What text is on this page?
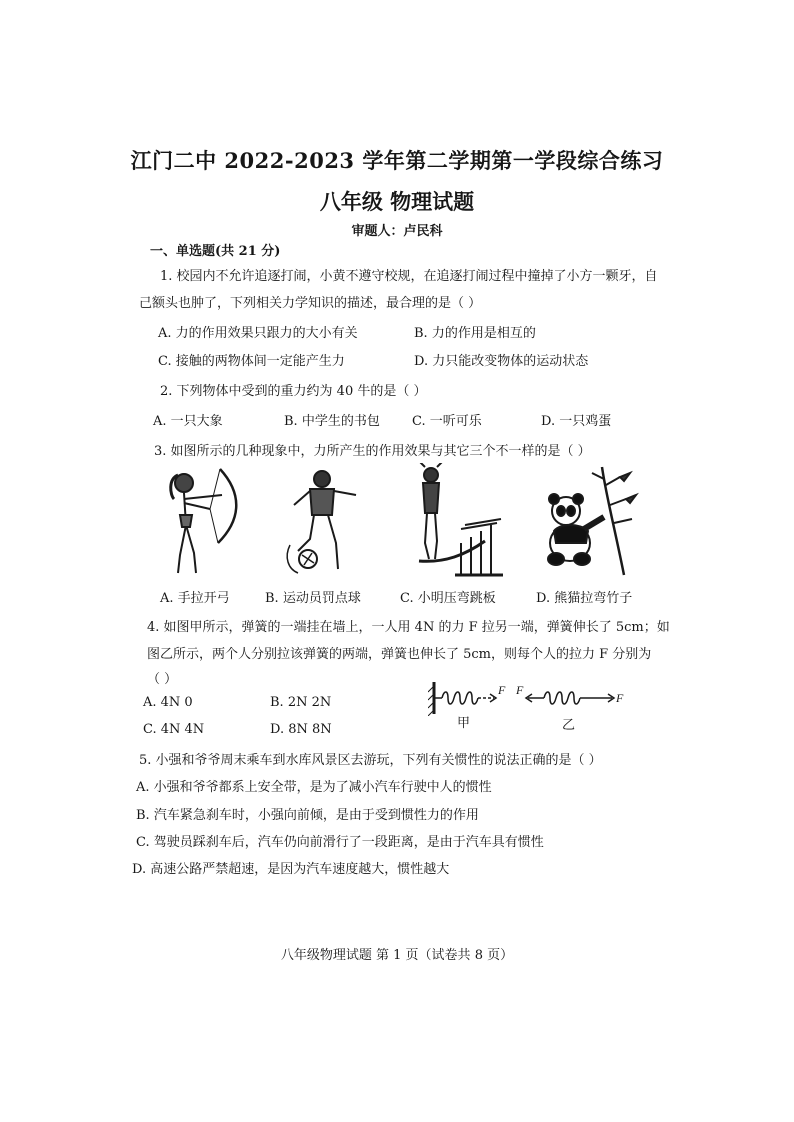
江门二中 2022-2023 学年第二学期第一学段综合练习
八年级 物理试题
审题人：卢民科
一、单选题(共 21 分)
1. 校园内不允许追逐打闹，小黄不遵守校规，在追逐打闹过程中撞掉了小方一颗牙，自
己额头也肿了，下列相关力学知识的描述，最合理的是（ ）
A. 力的作用效果只跟力的大小有关	B. 力的作用是相互的
C. 接触的两物体间一定能产生力	D. 力只能改变物体的运动状态
2. 下列物体中受到的重力约为 40 牛的是（ ）
A. 一只大象	B. 中学生的书包 C. 一听可乐	D. 一只鸡蛋
3. 如图所示的几种现象中，力所产生的作用效果与其它三个不一样的是（ ）
A. 手拉开弓	B. 运动员罚点球	C. 小明压弯跳板	D. 熊猫拉弯竹子
4. 如图甲所示，弹簧的一端挂在墙上，一人用 4N 的力 F 拉另一端，弹簧伸长了 5cm；如
图乙所示，两个人分别拉该弹簧的两端，弹簧也伸长了 5cm，则每个人的拉力 F 分别为
（ ）
A. 4N 0	B. 2N 2N
C. 4N 4N	D. 8N 8N
F F
F
甲	乙
5. 小强和爷爷周末乘车到水库风景区去游玩，下列有关惯性的说法正确的是（ ）
A. 小强和爷爷都系上安全带，是为了减小汽车行驶中人的惯性
B. 汽车紧急刹车时，小强向前倾，是由于受到惯性力的作用
C. 驾驶员踩刹车后，汽车仍向前滑行了一段距离，是由于汽车具有惯性
D. 高速公路严禁超速，是因为汽车速度越大，惯性越大
八年级物理试题 第 1 页（试卷共 8 页）
